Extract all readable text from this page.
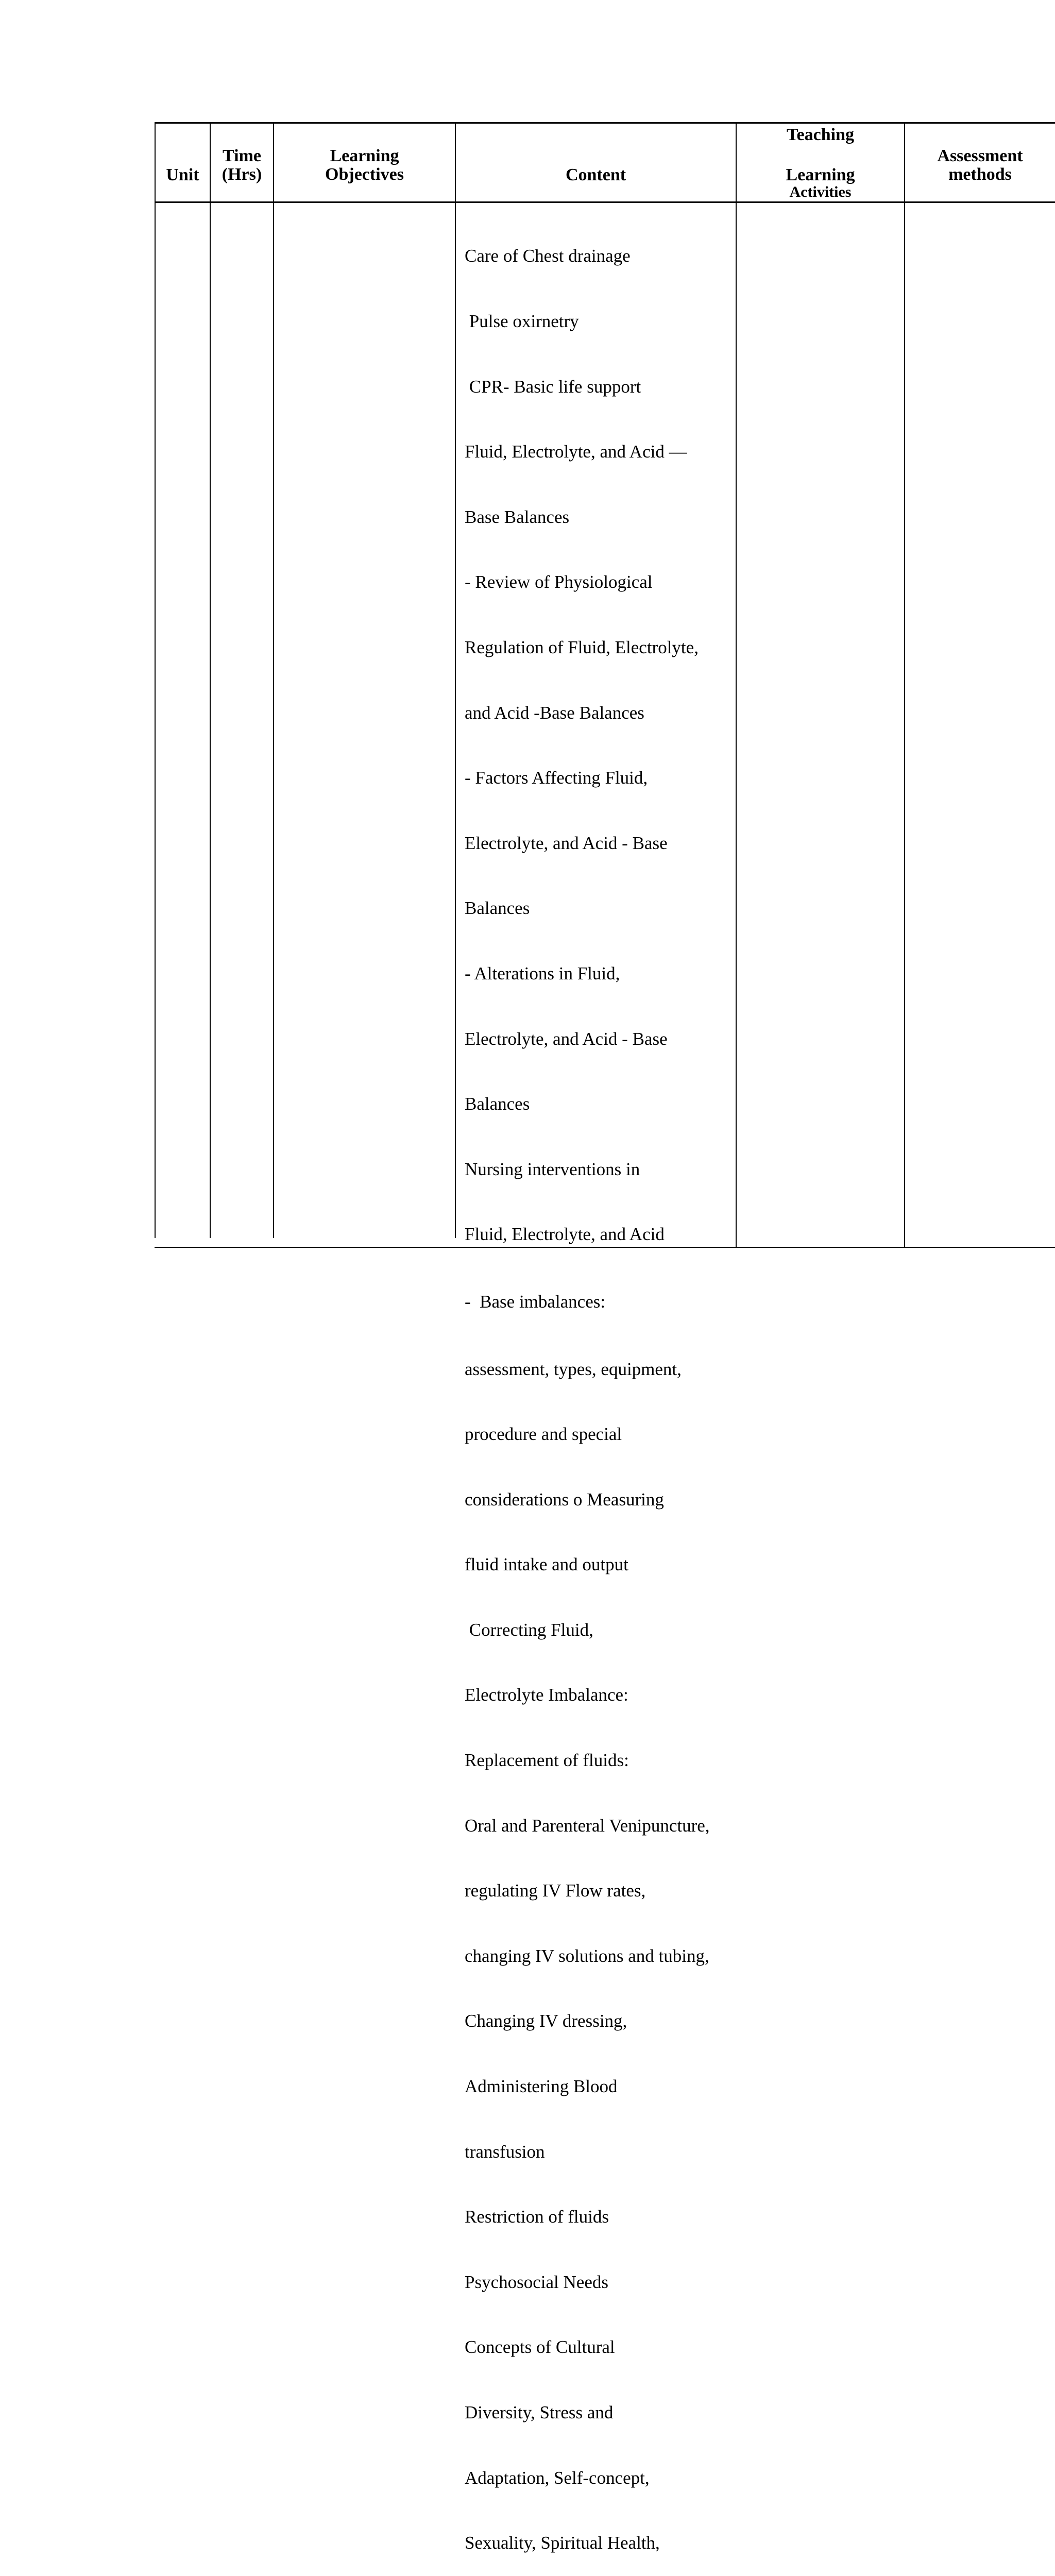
Unit
Time
(Hrs)
Learning
Objectives	Content
Teaching
Learning
Activities
Assessment
methods

Care of Chest drainage

Pulse oxirnetry

CPR- Basic life support

Fluid, Electrolyte, and Acid —

Base Balances

- Review of Physiological

Regulation of Fluid, Electrolyte,

and Acid -Base Balances

- Factors Affecting Fluid,

Electrolyte, and Acid - Base

Balances

- Alterations in Fluid,

Electrolyte, and Acid - Base

Balances

Nursing interventions in

Fluid, Electrolyte, and Acid

-  Base imbalances:

assessment, types, equipment,

procedure and special

considerations o Measuring

fluid intake and output

Correcting Fluid,

Electrolyte Imbalance:

Replacement of fluids:

Oral and Parenteral Venipuncture,

regulating IV Flow rates,

changing IV solutions and tubing,

Changing IV dressing,

Administering Blood

transfusion

Restriction of fluids

Psychosocial Needs

Concepts of Cultural

Diversity, Stress and

Adaptation, Self-concept,

Sexuality, Spiritual Health,
